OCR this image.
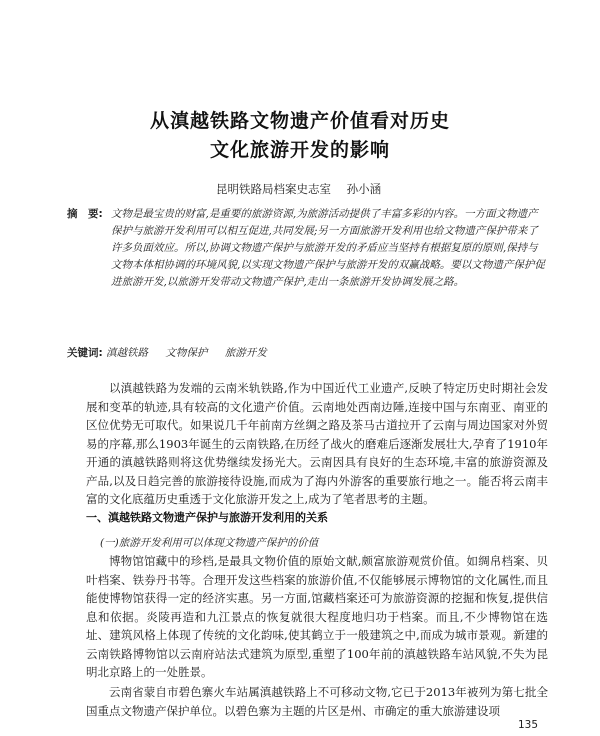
从滇越铁路文物遗产价值看对历史
文化旅游开发的影响
昆明铁路局档案史志室 孙小涵
摘　要: 文物是最宝贵的财富,是重要的旅游资源,为旅游活动提供了丰富多彩的内容。一方面文物遗产保护与旅游开发利用可以相互促进,共同发展;另一方面旅游开发利用也给文物遗产保护带来了许多负面效应。所以,协调文物遗产保护与旅游开发的矛盾应当坚持有根据复原的原则,保持与文物本体相协调的环境风貌,以实现文物遗产保护与旅游开发的双赢战略。要以文物遗产保护促进旅游开发,以旅游开发带动文物遗产保护,走出一条旅游开发协调发展之路。
关键词: 滇越铁路 文物保护 旅游开发
以滇越铁路为发端的云南米轨铁路,作为中国近代工业遗产,反映了特定历史时期社会发展和变革的轨迹,具有较高的文化遗产价值。云南地处西南边陲,连接中国与东南亚、南亚的区位优势无可取代。如果说几千年前南方丝绸之路及茶马古道拉开了云南与周边国家对外贸易的序幕,那么1903年诞生的云南铁路,在历经了战火的磨难后逐渐发展壮大,孕育了1910年开通的滇越铁路则将这优势继续发扬光大。云南因具有良好的生态环境,丰富的旅游资源及产品,以及日趋完善的旅游接待设施,而成为了海内外游客的重要旅行地之一。能否将云南丰富的文化底蕴历史重透于文化旅游开发之上,成为了笔者思考的主题。
一、滇越铁路文物遗产保护与旅游开发利用的关系
(一)旅游开发利用可以体现文物遗产保护的价值
博物馆馆藏中的珍档,是最具文物价值的原始文献,颇富旅游观赏价值。如绸帛档案、贝叶档案、铁券丹书等。合理开发这些档案的旅游价值,不仅能够展示博物馆的文化属性,而且能使博物馆获得一定的经济实惠。另一方面,馆藏档案还可为旅游资源的挖掘和恢复,提供信息和依据。炎陵再造和九江景点的恢复就很大程度地归功于档案。而且,不少博物馆在选址、建筑风格上体现了传统的文化韵味,使其鹤立于一般建筑之中,而成为城市景观。新建的云南铁路博物馆以云南府站法式建筑为原型,重塑了100年前的滇越铁路车站风貌,不失为昆明北京路上的一处胜景。
云南省蒙自市碧色寨火车站属滇越铁路上不可移动文物,它已于2013年被列为第七批全国重点文物遗产保护单位。以碧色寨为主题的片区是州、市确定的重大旅游建设项
135
